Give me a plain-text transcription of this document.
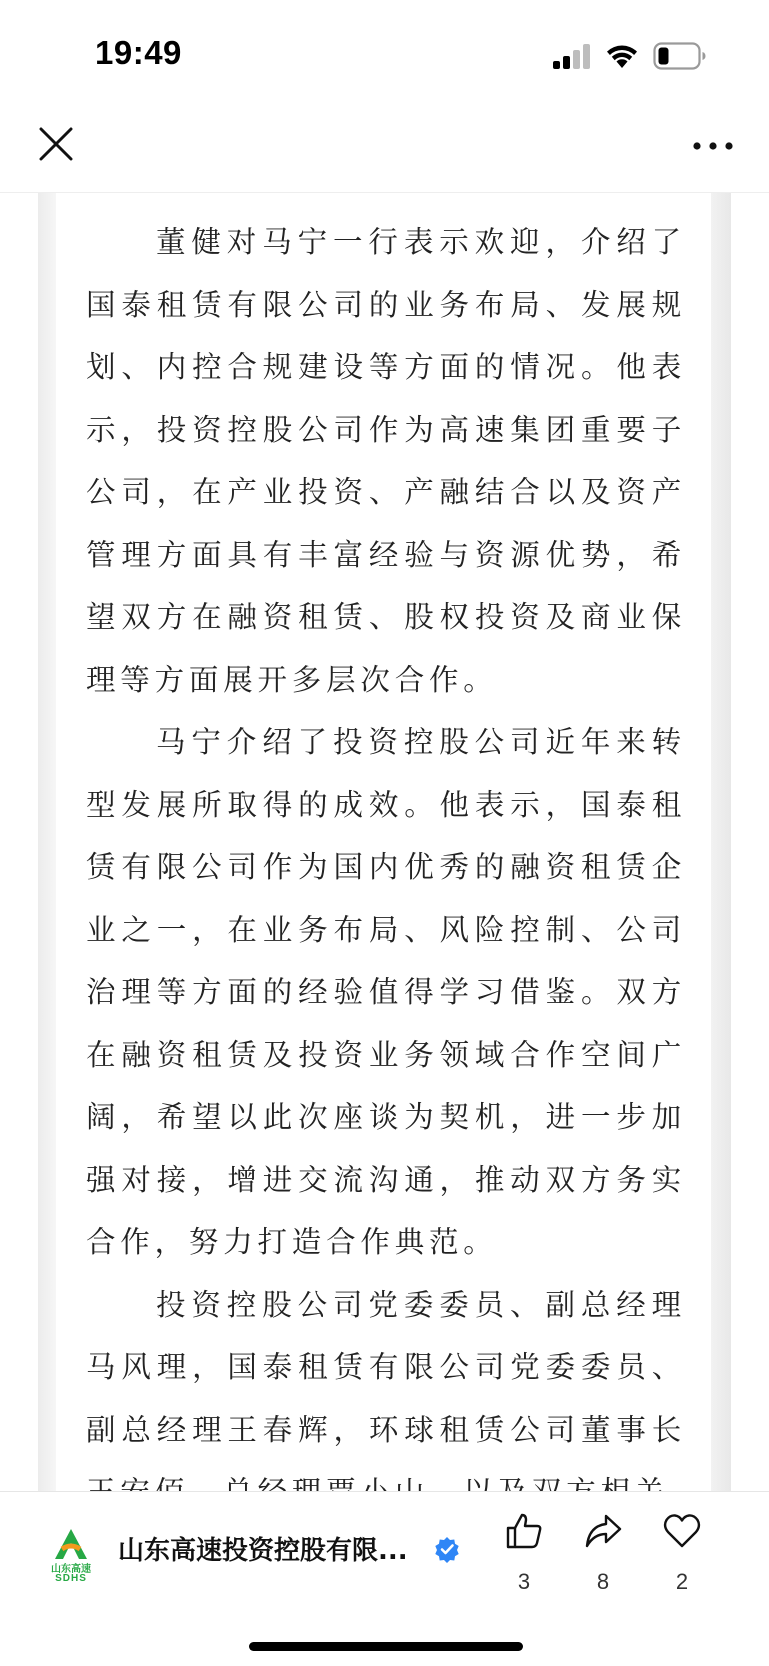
19:49

董健对马宁一行表示欢迎，介绍了国泰租赁有限公司的业务布局、发展规划、内控合规建设等方面的情况。他表示，投资控股公司作为高速集团重要子公司，在产业投资、产融结合以及资产管理方面具有丰富经验与资源优势，希望双方在融资租赁、股权投资及商业保理等方面展开多层次合作。

马宁介绍了投资控股公司近年来转型发展所取得的成效。他表示，国泰租赁有限公司作为国内优秀的融资租赁企业之一，在业务布局、风险控制、公司治理等方面的经验值得学习借鉴。双方在融资租赁及投资业务领域合作空间广阔，希望以此次座谈为契机，进一步加强对接，增进交流沟通，推动双方务实合作，努力打造合作典范。

投资控股公司党委委员、副总经理马风理，国泰租赁有限公司党委委员、副总经理王春辉，环球租赁公司董事长

山东高速
SDHS
山东高速投资控股有限...
3	8	2
